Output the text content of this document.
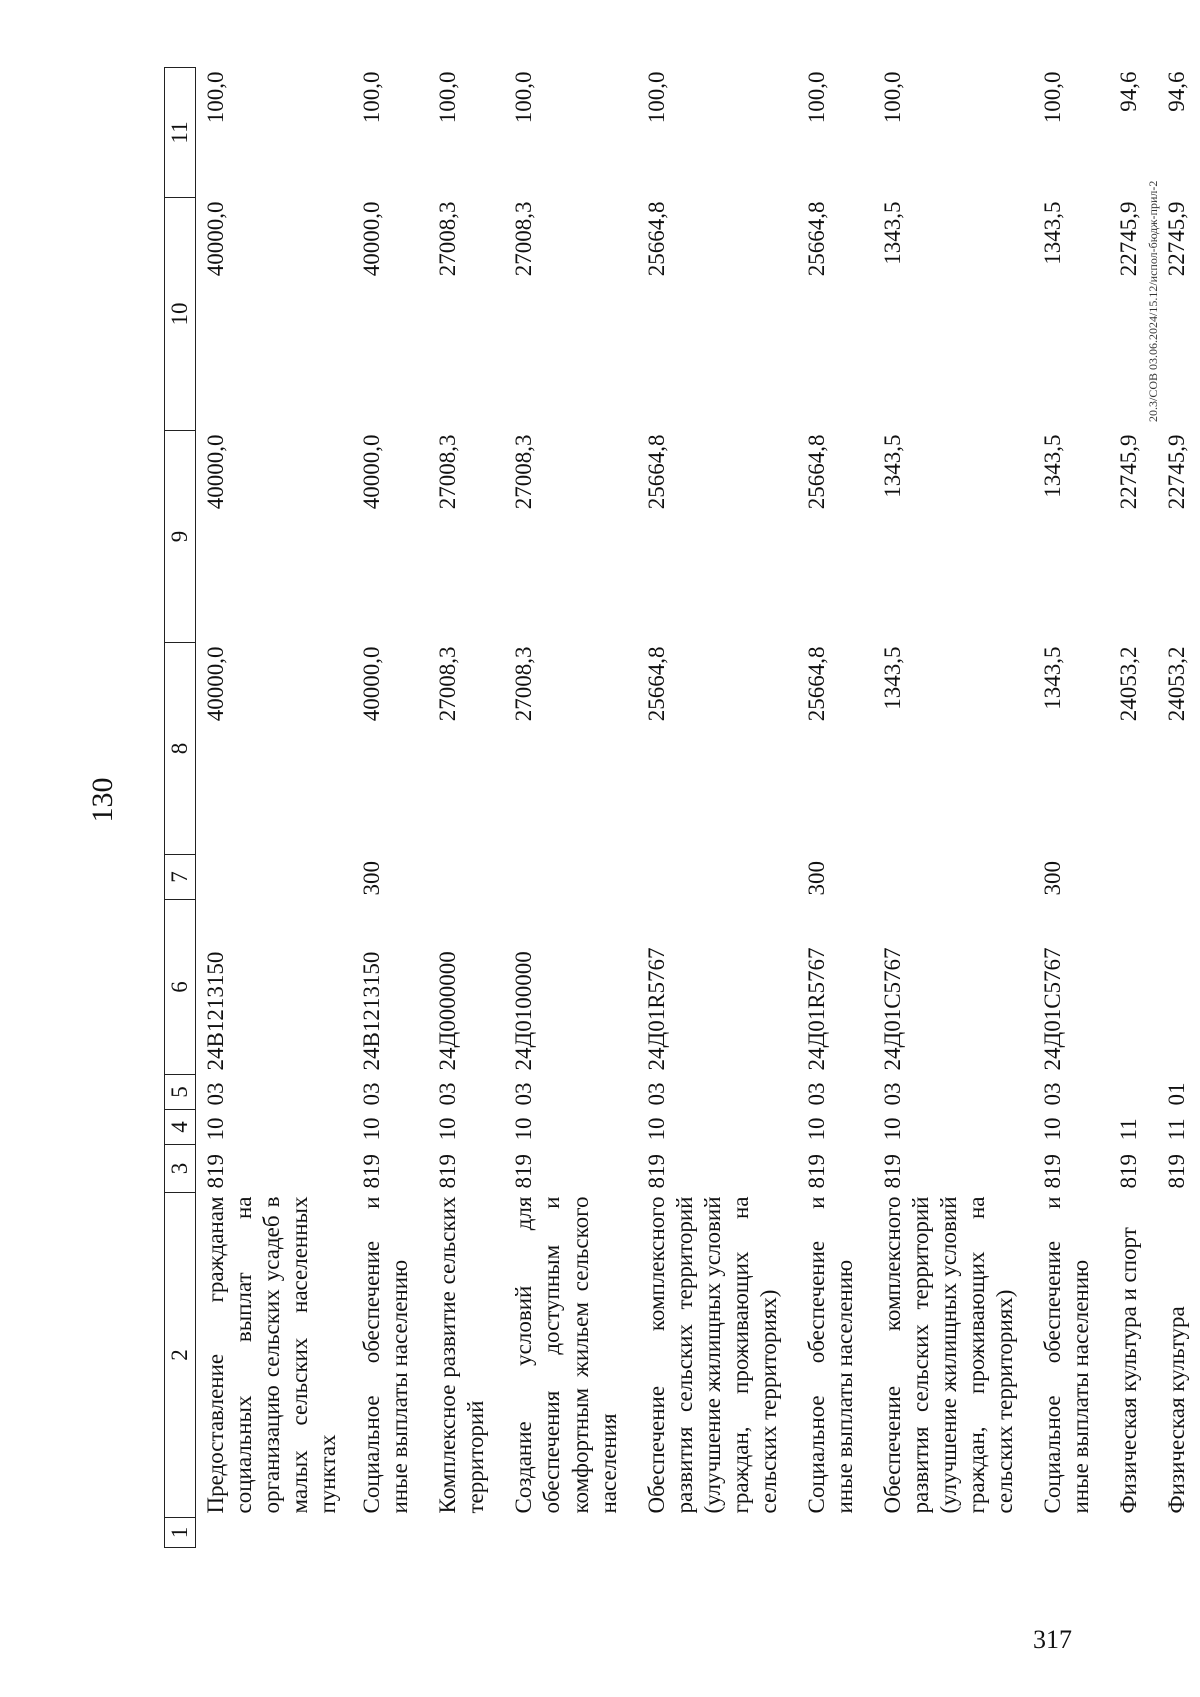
130
1	2	3	4	5	6	7	8	9	10	11
	Предоставление гражданам социальных выплат на организацию сельских усадеб в малых сельских населенных пунктах	819	10	03	24В1213150		40000,0	40000,0	40000,0	100,0
	Социальное обеспечение и иные выплаты населению	819	10	03	24В1213150	300	40000,0	40000,0	40000,0	100,0
	Комплексное развитие сельских территорий	819	10	03	24Д0000000		27008,3	27008,3	27008,3	100,0
	Создание условий для обеспечения доступным и комфортным жильем сельского населения	819	10	03	24Д0100000		27008,3	27008,3	27008,3	100,0
	Обеспечение комплексного развития сельских территорий (улучшение жилищных условий граждан, проживающих на сельских территориях)	819	10	03	24Д01R5767		25664,8	25664,8	25664,8	100,0
	Социальное обеспечение и иные выплаты населению	819	10	03	24Д01R5767	300	25664,8	25664,8	25664,8	100,0
	Обеспечение комплексного развития сельских территорий (улучшение жилищных условий граждан, проживающих на сельских территориях)	819	10	03	24Д01С5767		1343,5	1343,5	1343,5	100,0
	Социальное обеспечение и иные выплаты населению	819	10	03	24Д01С5767	300	1343,5	1343,5	1343,5	100,0
	Физическая культура и спорт	819	11				24053,2	22745,9	22745,9	94,6
	Физическая культура	819	11	01			24053,2	22745,9	22745,9	94,6
20.3/СОВ 03.06.2024/15.12/испол-бюдж-прил-2
317
